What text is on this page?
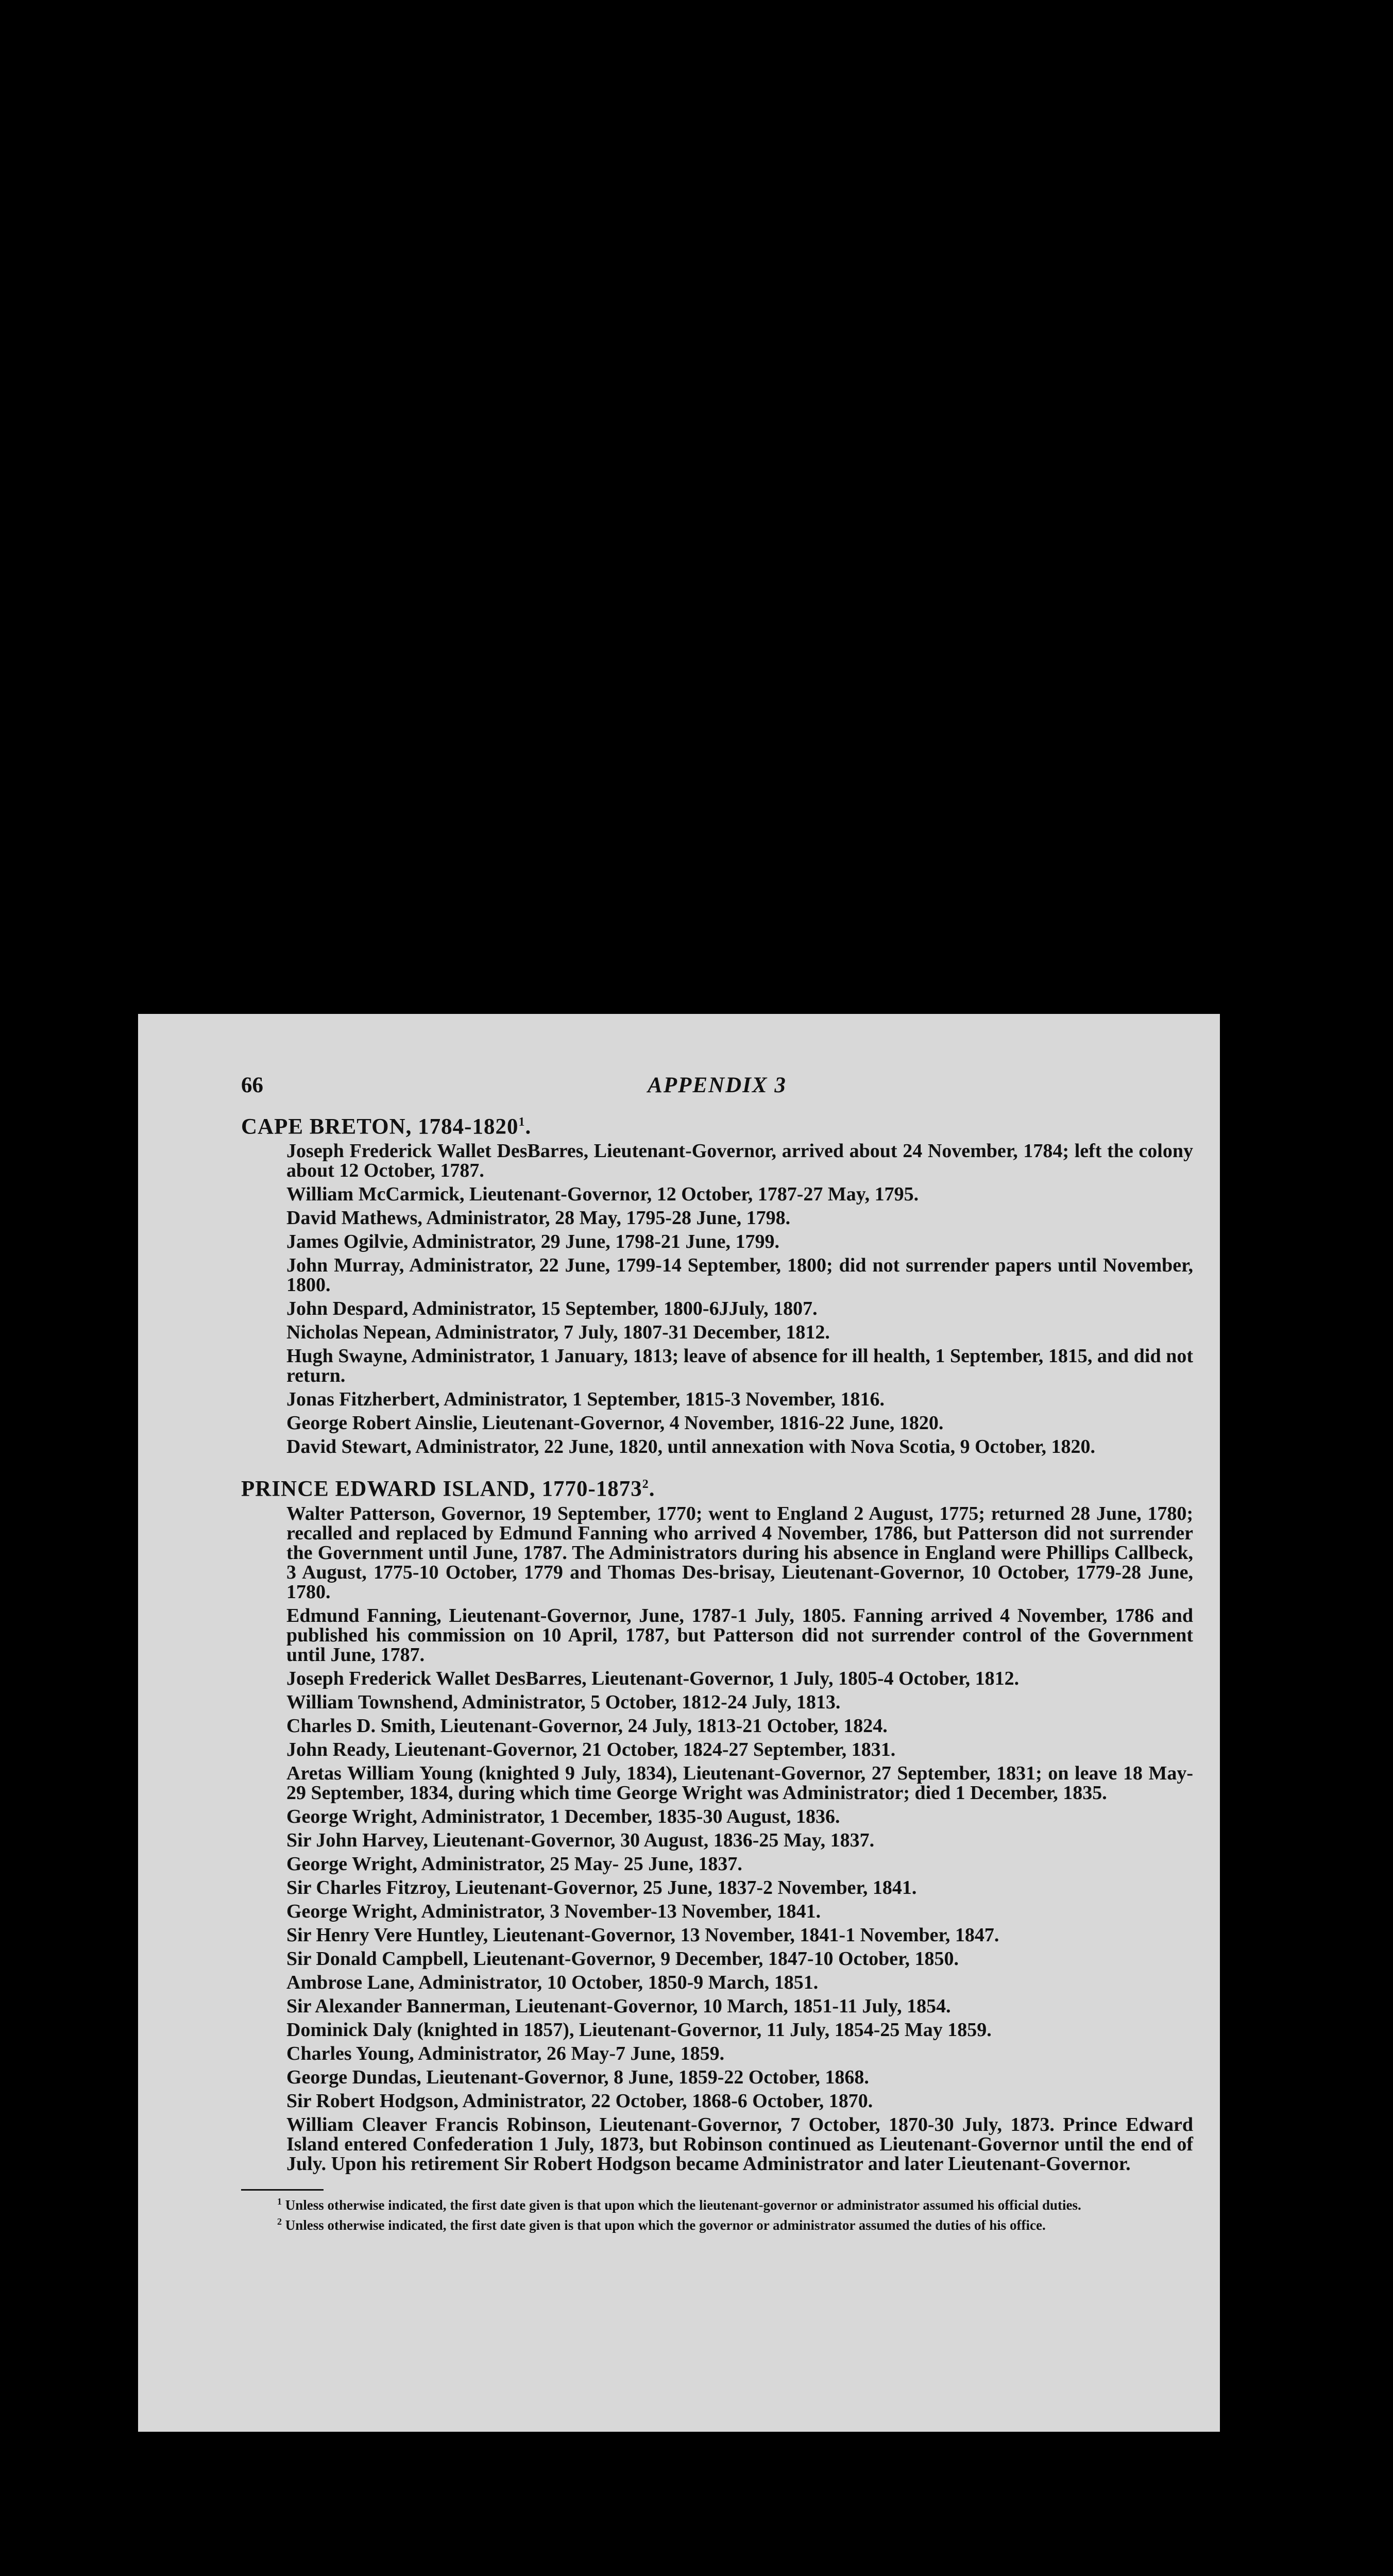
66	APPENDIX 3
CAPE BRETON, 1784-1820$^1$.

Joseph Frederick Wallet DesBarres, Lieutenant-Governor, arrived about 24 November, 1784; left the colony about 12 October, 1787.

William McCarmick, Lieutenant-Governor, 12 October, 1787-27 May, 1795.

David Mathews, Administrator, 28 May, 1795-28 June, 1798.

James Ogilvie, Administrator, 29 June, 1798-21 June, 1799.

John Murray, Administrator, 22 June, 1799-14 September, 1800; did not surrender papers until November, 1800.

John Despard, Administrator, 15 September, 1800-6JJuly, 1807.

Nicholas Nepean, Administrator, 7 July, 1807-31 December, 1812.

Hugh Swayne, Administrator, 1 January, 1813; leave of absence for ill health, 1 September, 1815, and did not return.

Jonas Fitzherbert, Administrator, 1 September, 1815-3 November, 1816.

George Robert Ainslie, Lieutenant-Governor, 4 November, 1816-22 June, 1820.

David Stewart, Administrator, 22 June, 1820, until annexation with Nova Scotia, 9 October, 1820.

PRINCE EDWARD ISLAND, 1770-1873$^2$.

Walter Patterson, Governor, 19 September, 1770; went to England 2 August, 1775; returned 28 June, 1780; recalled and replaced by Edmund Fanning who arrived 4 November, 1786, but Patterson did not surrender the Government until June, 1787. The Administrators during his absence in England were Phillips Callbeck, 3 August, 1775-10 October, 1779 and Thomas Des-brisay, Lieutenant-Governor, 10 October, 1779-28 June, 1780.

Edmund Fanning, Lieutenant-Governor, June, 1787-1 July, 1805. Fanning arrived 4 November, 1786 and published his commission on 10 April, 1787, but Patterson did not surrender control of the Government until June, 1787.

Joseph Frederick Wallet DesBarres, Lieutenant-Governor, 1 July, 1805-4 October, 1812.

William Townshend, Administrator, 5 October, 1812-24 July, 1813.

Charles D. Smith, Lieutenant-Governor, 24 July, 1813-21 October, 1824.

John Ready, Lieutenant-Governor, 21 October, 1824-27 September, 1831.

Aretas William Young (knighted 9 July, 1834), Lieutenant-Governor, 27 September, 1831; on leave 18 May-29 September, 1834, during which time George Wright was Administrator; died 1 December, 1835.

George Wright, Administrator, 1 December, 1835-30 August, 1836.

Sir John Harvey, Lieutenant-Governor, 30 August, 1836-25 May, 1837.

George Wright, Administrator, 25 May- 25 June, 1837.

Sir Charles Fitzroy, Lieutenant-Governor, 25 June, 1837-2 November, 1841.

George Wright, Administrator, 3 November-13 November, 1841.

Sir Henry Vere Huntley, Lieutenant-Governor, 13 November, 1841-1 November, 1847.

Sir Donald Campbell, Lieutenant-Governor, 9 December, 1847-10 October, 1850.

Ambrose Lane, Administrator, 10 October, 1850-9 March, 1851.

Sir Alexander Bannerman, Lieutenant-Governor, 10 March, 1851-11 July, 1854.

Dominick Daly (knighted in 1857), Lieutenant-Governor, 11 July, 1854-25 May 1859.

Charles Young, Administrator, 26 May-7 June, 1859.

George Dundas, Lieutenant-Governor, 8 June, 1859-22 October, 1868.

Sir Robert Hodgson, Administrator, 22 October, 1868-6 October, 1870.

William Cleaver Francis Robinson, Lieutenant-Governor, 7 October, 1870-30 July, 1873. Prince Edward Island entered Confederation 1 July, 1873, but Robinson continued as Lieutenant-Governor until the end of July. Upon his retirement Sir Robert Hodgson became Administrator and later Lieutenant-Governor.

$^1$ Unless otherwise indicated, the first date given is that upon which the lieutenant-governor or administrator assumed his official duties.

$^2$ Unless otherwise indicated, the first date given is that upon which the governor or administrator assumed the duties of his office.
